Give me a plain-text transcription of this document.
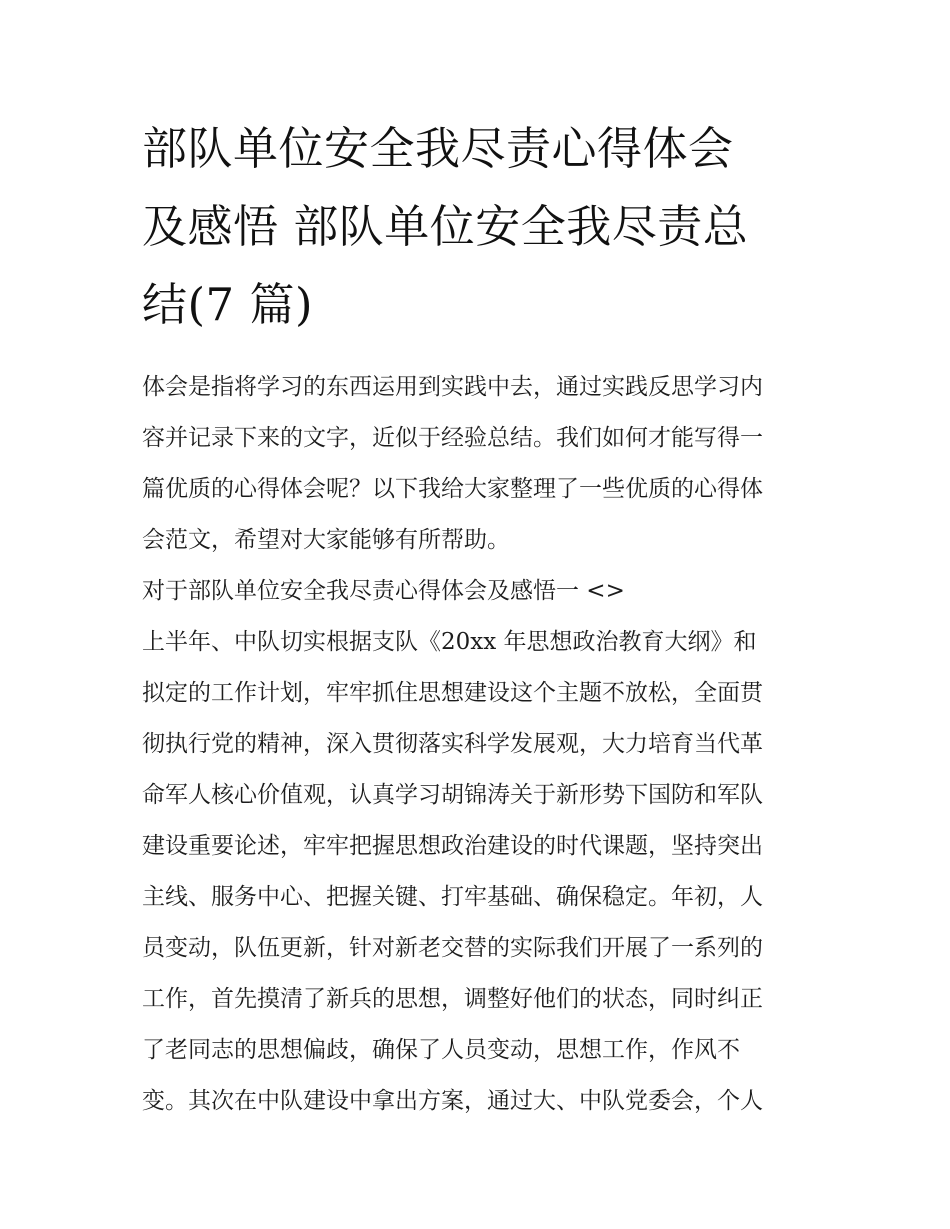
部队单位安全我尽责心得体会
及感悟 部队单位安全我尽责总
结(7 篇)
体会是指将学习的东西运用到实践中去，通过实践反思学习内
容并记录下来的文字，近似于经验总结。我们如何才能写得一
篇优质的心得体会呢？以下我给大家整理了一些优质的心得体
会范文，希望对大家能够有所帮助。
对于部队单位安全我尽责心得体会及感悟一 <>
上半年、中队切实根据支队《20xx 年思想政治教育大纲》和
拟定的工作计划，牢牢抓住思想建设这个主题不放松，全面贯
彻执行党的精神，深入贯彻落实科学发展观，大力培育当代革
命军人核心价值观，认真学习胡锦涛关于新形势下国防和军队
建设重要论述，牢牢把握思想政治建设的时代课题，坚持突出
主线、服务中心、把握关键、打牢基础、确保稳定。年初，人
员变动，队伍更新，针对新老交替的实际我们开展了一系列的
工作，首先摸清了新兵的思想，调整好他们的状态，同时纠正
了老同志的思想偏歧，确保了人员变动，思想工作，作风不
变。其次在中队建设中拿出方案，通过大、中队党委会，个人
